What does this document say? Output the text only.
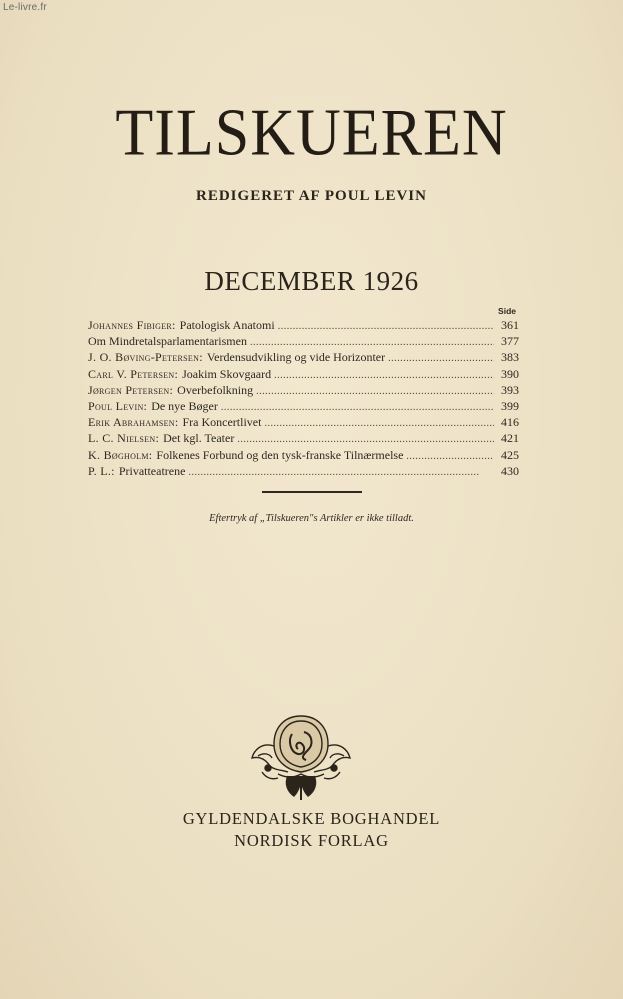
Le-livre.fr
TILSKUEREN
REDIGERET AF POUL LEVIN
DECEMBER 1926
Side
Johannes Fibiger: Patologisk Anatomi . . .	361
Om Mindretalsparlamentarismen . . .	377
J. O. Bøving-Petersen: Verdensudvikling og vide Horizonter . . .	383
Carl V. Petersen: Joakim Skovgaard . . .	390
Jørgen Petersen: Overbefolkning . . .	393
Poul Levin: De nye Bøger . . .	399
Erik Abrahamsen: Fra Koncertlivet . . .	416
L. C. Nielsen: Det kgl. Teater . . .	421
K. Bøgholm: Folkenes Forbund og den tysk-franske Tilnærmelse . . .	425
P. L.: Privatteatrene . . .	430
Eftertryk af „Tilskueren"s Artikler er ikke tilladt.
GYLDENDALSKE BOGHANDEL
NORDISK FORLAG
